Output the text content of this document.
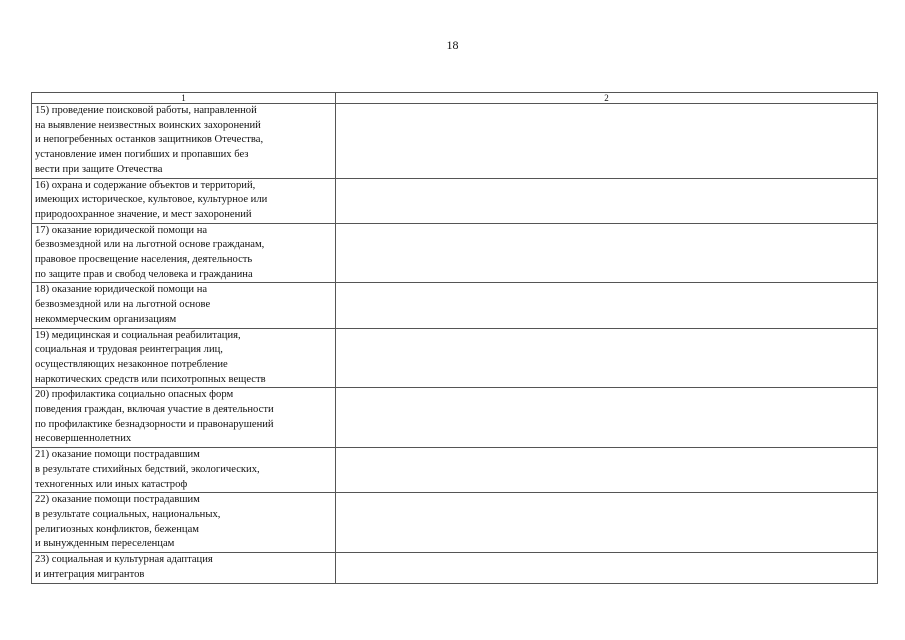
18
1	2

15) проведение поисковой работы, направленной
на выявление неизвестных воинских захоронений
и непогребенных останков защитников Отечества,
установление имен погибших и пропавших без
вести при защите Отечества	

16) охрана и содержание объектов и территорий,
имеющих историческое, культовое, культурное или
природоохранное значение, и мест захоронений	

17) оказание юридической помощи на
безвозмездной или на льготной основе гражданам,
правовое просвещение населения, деятельность
по защите прав и свобод человека и гражданина	

18) оказание юридической помощи на
безвозмездной или на льготной основе
некоммерческим организациям	

19) медицинская и социальная реабилитация,
социальная и трудовая реинтеграция лиц,
осуществляющих незаконное потребление
наркотических средств или психотропных веществ	

20) профилактика социально опасных форм
поведения граждан, включая участие в деятельности
по профилактике безнадзорности и правонарушений
несовершеннолетних	

21) оказание помощи пострадавшим
в результате стихийных бедствий, экологических,
техногенных или иных катастроф	

22) оказание помощи пострадавшим
в результате социальных, национальных,
религиозных конфликтов, беженцам
и вынужденным переселенцам	

23) социальная и культурная адаптация
и интеграция мигрантов	
